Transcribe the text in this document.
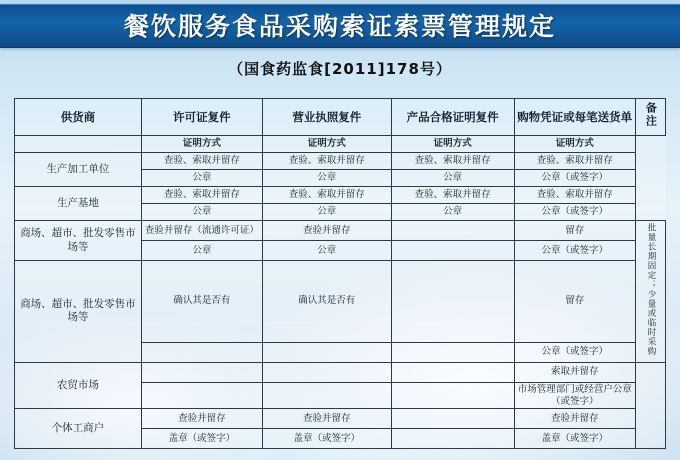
餐饮服务食品采购索证索票管理规定
（国食药监食[2011]178号）
供货商	许可证复件	营业执照复件	产品合格证明复件	购物凭证或每笔送货单	备注
	证明方式	证明方式	证明方式	证明方式	
生产加工单位	查验、索取并留存	查验、索取并留存	查验、索取并留存	查验、索取并留存	
	公章	公章	公章	公章（或签字）	
生产基地	查验、索取并留存	查验、索取并留存	查验、索取并留存	查验、索取并留存	
	公章	公章	公章	公章（或签字）	
商场、超市、批发零售市场等	查验并留存（流通许可证）	查验并留存		留存	批量长期固定；少量或临时采购
	公章	公章		公章（或签字）	
商场、超市、批发零售市场等	确认其是否有	确认其是否有		留存	
				公章（或签字）	
农贸市场				索取并留存	
				市场管理部门或经营户公章（或签字）	
个体工商户	查验并留存	查验并留存		查验并留存	
	盖章（或签字）	盖章（或签字）		盖章（或签字）	
